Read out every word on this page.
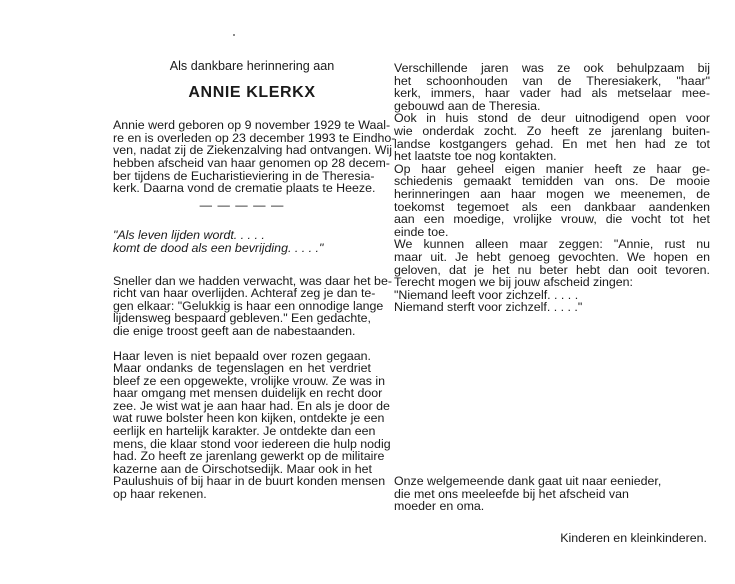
Als dankbare herinnering aan
ANNIE KLERKX
Annie werd geboren op 9 november 1929 te Waal-
re en is overleden op 23 december 1993 te Eindho-
ven, nadat zij de Ziekenzalving had ontvangen. Wij
hebben afscheid van haar genomen op 28 decem-
ber tijdens de Eucharistieviering in de Theresia-
kerk. Daarna vond de crematie plaats te Heeze.
— — — — —
"Als leven lijden wordt. . . . .
komt de dood als een bevrijding. . . . ."
Sneller dan we hadden verwacht, was daar het be-
richt van haar overlijden. Achteraf zeg je dan te-
gen elkaar: "Gelukkig is haar een onnodige lange
lijdensweg bespaard gebleven." Een gedachte,
die enige troost geeft aan de nabestaanden.
Haar leven is niet bepaald over rozen gegaan.
Maar ondanks de tegenslagen en het verdriet
bleef ze een opgewekte, vrolijke vrouw. Ze was in
haar omgang met mensen duidelijk en recht door
zee. Je wist wat je aan haar had. En als je door de
wat ruwe bolster heen kon kijken, ontdekte je een
eerlijk en hartelijk karakter. Je ontdekte dan een
mens, die klaar stond voor iedereen die hulp nodig
had. Zo heeft ze jarenlang gewerkt op de militaire
kazerne aan de Oirschotsedijk. Maar ook in het
Paulushuis of bij haar in de buurt konden mensen
op haar rekenen.
Verschillende jaren was ze ook behulpzaam bij
het schoonhouden van de Theresiakerk, "haar"
kerk, immers, haar vader had als metselaar mee-
gebouwd aan de Theresia.
Ook in huis stond de deur uitnodigend open voor
wie onderdak zocht. Zo heeft ze jarenlang buiten-
landse kostgangers gehad. En met hen had ze tot
het laatste toe nog kontakten.
Op haar geheel eigen manier heeft ze haar ge-
schiedenis gemaakt temidden van ons. De mooie
herinneringen aan haar mogen we meenemen, de
toekomst tegemoet als een dankbaar aandenken
aan een moedige, vrolijke vrouw, die vocht tot het
einde toe.
We kunnen alleen maar zeggen: "Annie, rust nu
maar uit. Je hebt genoeg gevochten. We hopen en
geloven, dat je het nu beter hebt dan ooit tevoren.
Terecht mogen we bij jouw afscheid zingen:
"Niemand leeft voor zichzelf. . . . .
Niemand sterft voor zichzelf. . . . ."
Onze welgemeende dank gaat uit naar eenieder,
die met ons meeleefde bij het afscheid van
moeder en oma.
Kinderen en kleinkinderen.
